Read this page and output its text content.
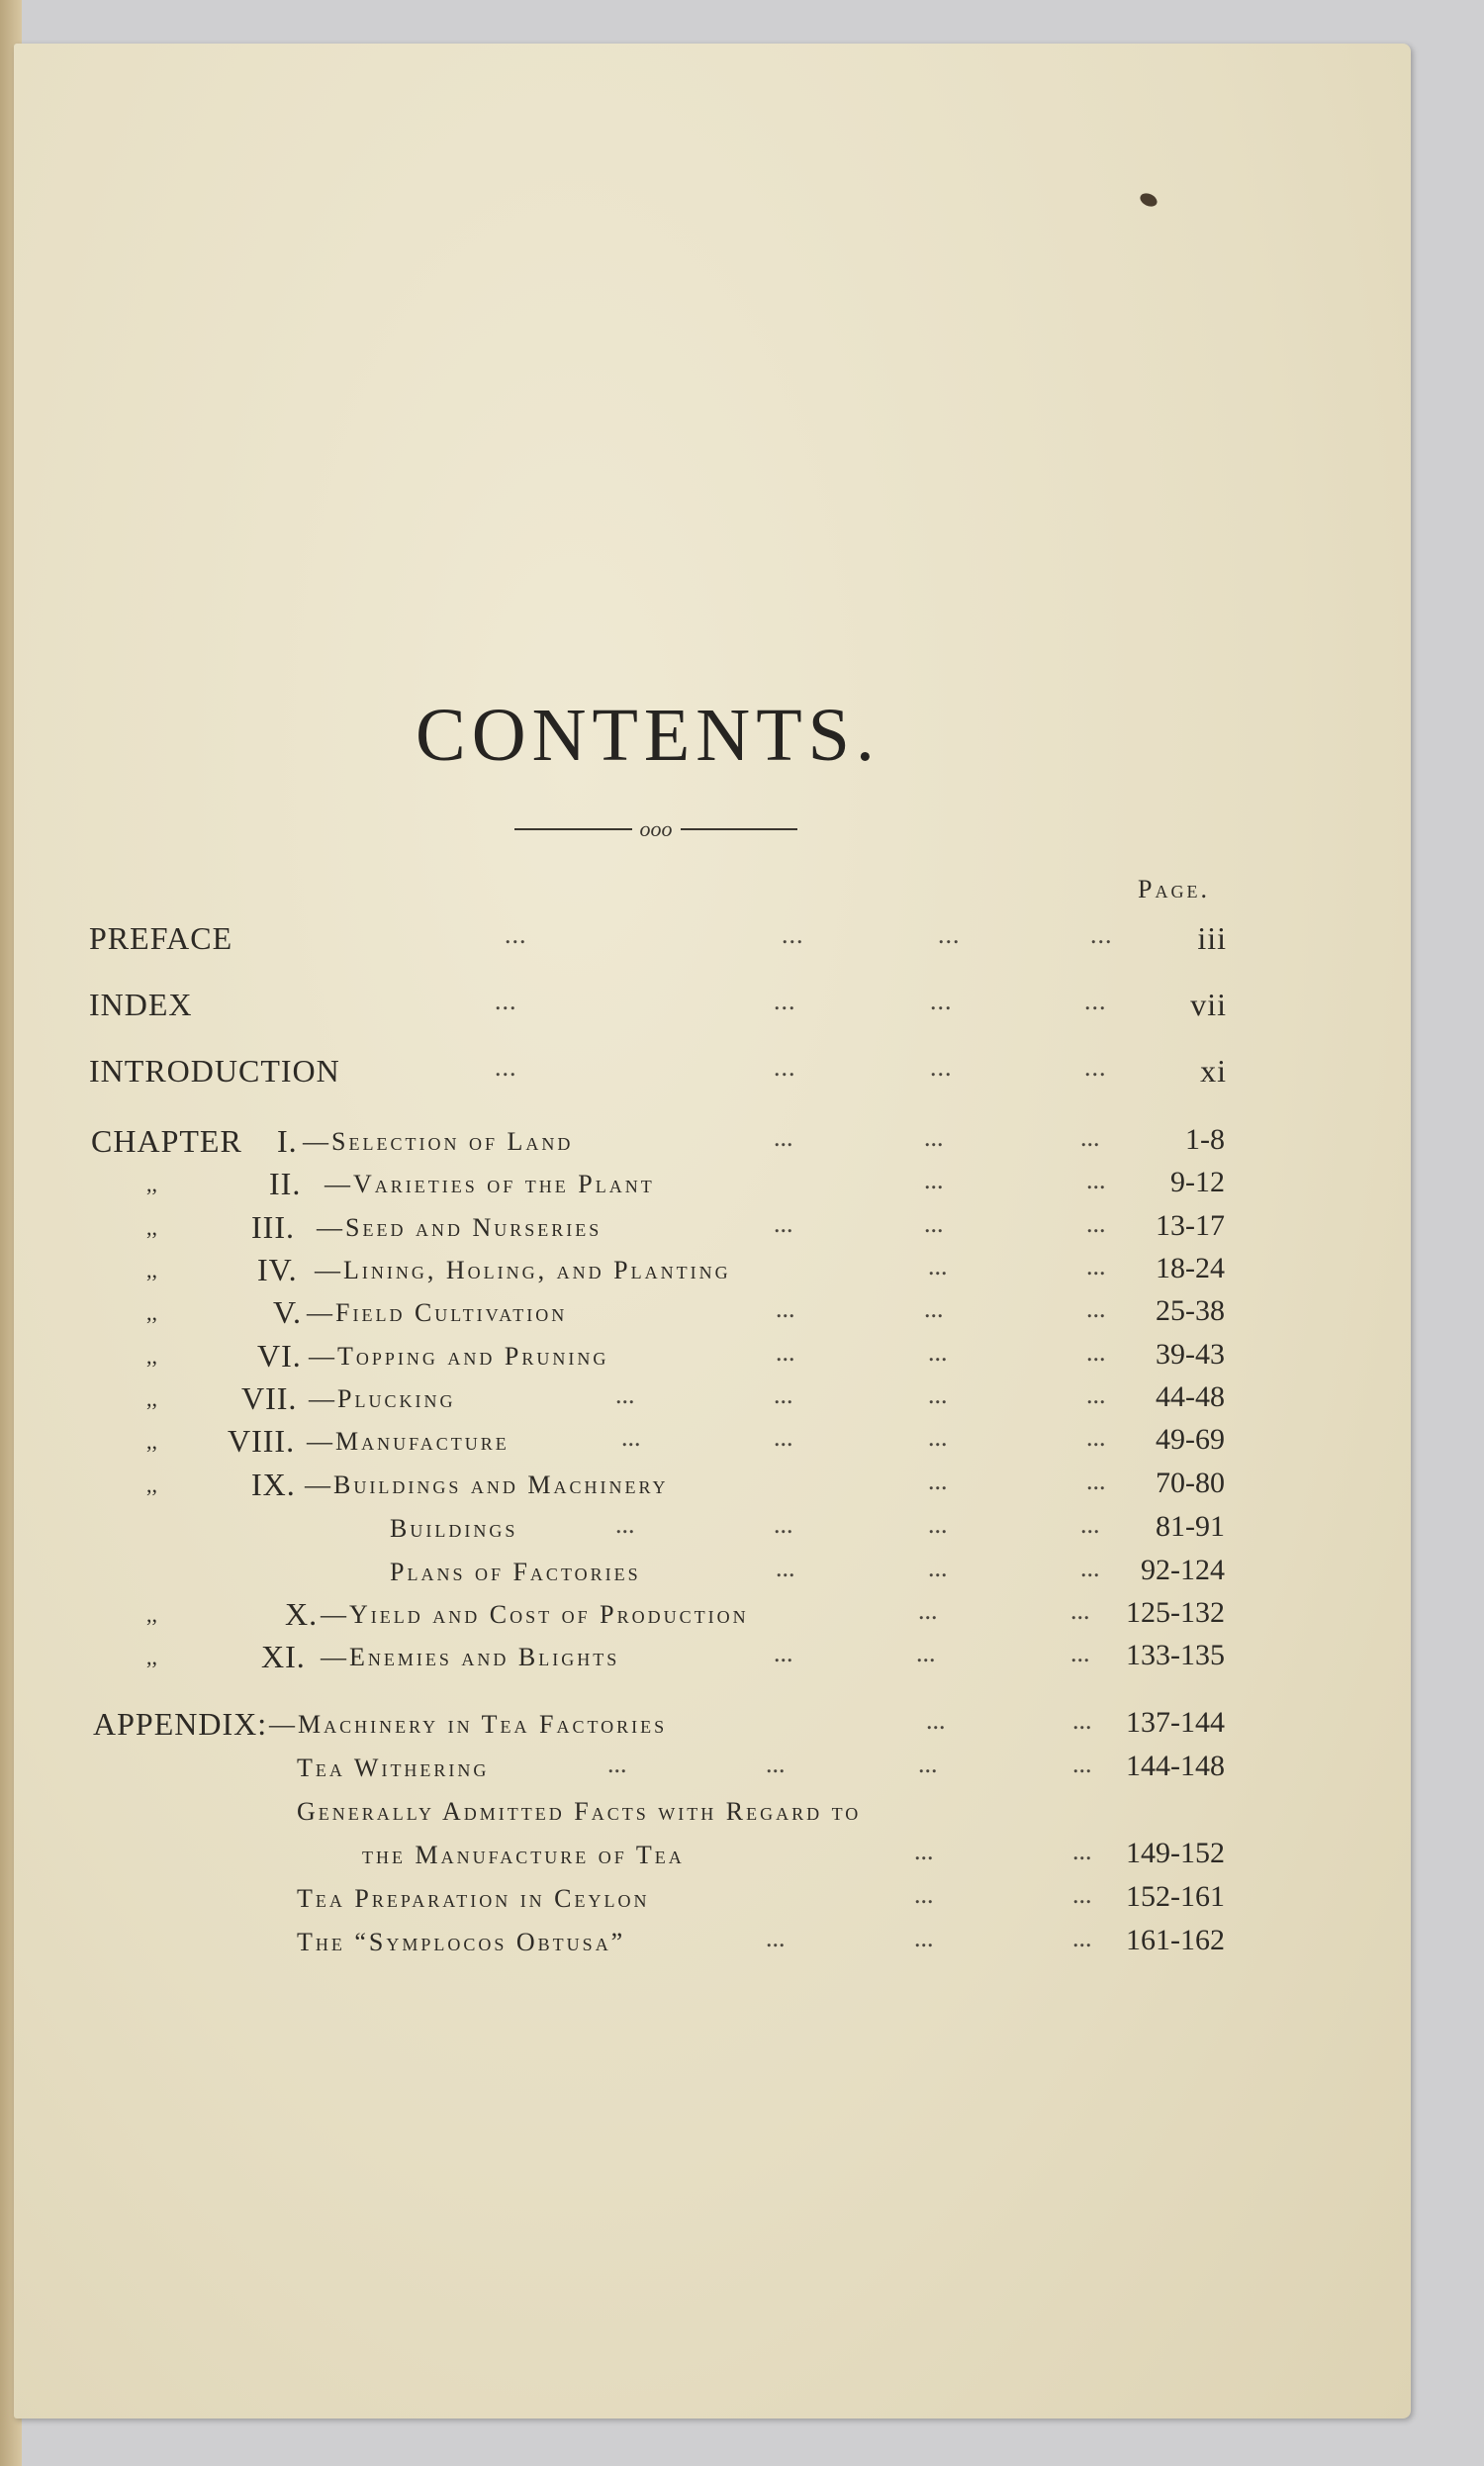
CONTENTS.
ooo
Page.
PREFACE	...	...	...	...	iii
INDEX	...	...	...	...	vii
INTRODUCTION	...	...	...	...	xi
CHAPTER I. —Selection of Land	...	...	...	1-8
,,	II. —Varieties of the Plant	...	... 9-12
,,	III. —Seed and Nurseries	...	...	... 13-17
,,	IV. —Lining, Holing, and Planting	...	... 18-24
,,	V. —Field Cultivation	...	...	... 25-38
,,	VI. —Topping and Pruning	...	...	... 39-43
,,	VII. —Plucking	...	...	...	... 44-48
,, VIII. —Manufacture	...	...	...	... 49-69
,,	IX. —Buildings and Machinery	...	... 70-80
Buildings	...	...	...	... 81-91
Plans of Factories	...	...	... 92-124
,,	X. —Yield and Cost of Production	...	... 125-132
,,	XI. —Enemies and Blights	...	...	... 133-135
APPENDIX: —Machinery in Tea Factories	...	... 137-144
Tea Withering	...	...	...	... 144-148
Generally Admitted Facts with Regard to
the Manufacture of Tea	...	... 149-152
Tea Preparation in Ceylon	...	... 152-161
The “Symplocos Obtusa”	...	...	... 161-162
